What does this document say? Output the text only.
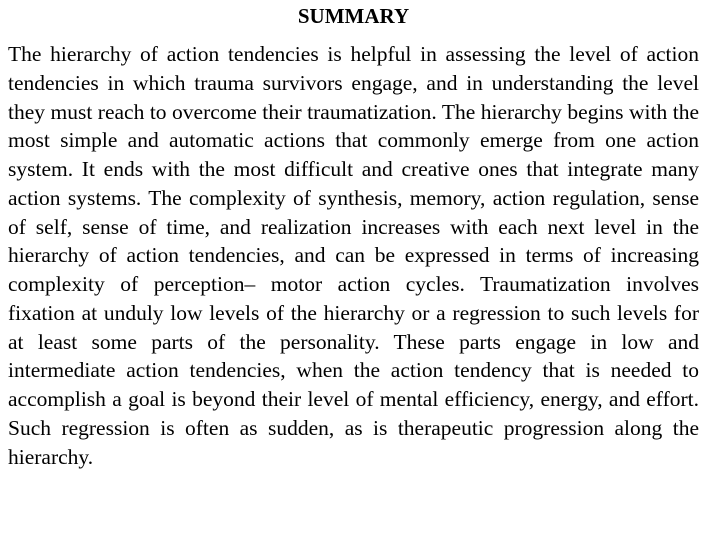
SUMMARY

The hierarchy of action tendencies is helpful in assessing the level of action tendencies in which trauma survivors engage, and in understanding the level they must reach to overcome their traumatization. The hierarchy begins with the most simple and automatic actions that commonly emerge from one action system. It ends with the most difficult and creative ones that integrate many action systems. The complexity of synthesis, memory, action regulation, sense of self, sense of time, and realization increases with each next level in the hierarchy of action tendencies, and can be expressed in terms of increasing complexity of perception– motor action cycles. Traumatization involves fixation at unduly low levels of the hierarchy or a regression to such levels for at least some parts of the personality. These parts engage in low and intermediate action tendencies, when the action tendency that is needed to accomplish a goal is beyond their level of mental efficiency, energy, and effort. Such regression is often as sudden, as is therapeutic progression along the hierarchy.
